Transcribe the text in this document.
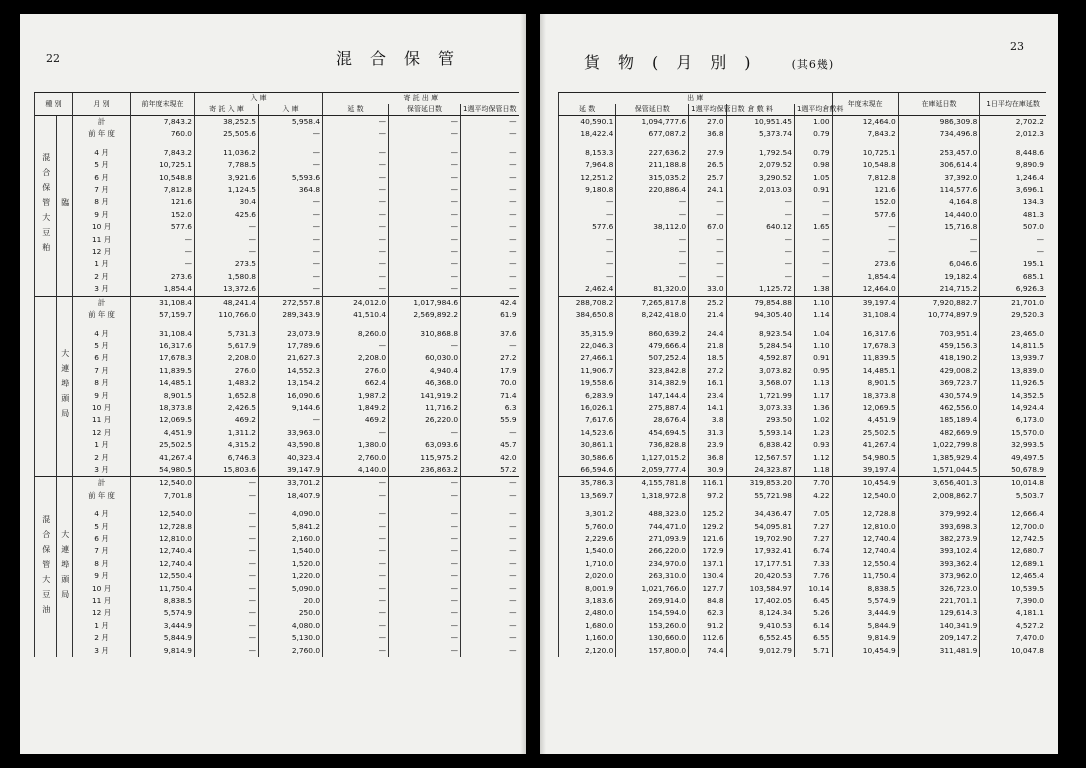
22	混合保管
種 別		月 別	前年度末現在	入 庫		寄 託 出 庫		
				寄 託 入 庫	入 庫	延 数	保管延日数	1週平均保管日数
混合保管大豆粕	臨	計	7,843.2	38,252.5	5,958.4	—	—	—
		前 年 度	760.0	25,505.6	—	—	—	—

		4 月	7,843.2	11,036.2	—	—	—	—
		5 月	10,725.1	7,788.5	—	—	—	—
		6 月	10,548.8	3,921.6	5,593.6	—	—	—
		7 月	7,812.8	1,124.5	364.8	—	—	—
		8 月	121.6	30.4	—	—	—	—
		9 月	152.0	425.6	—	—	—	—
		10 月	577.6	—	—	—	—	—
		11 月	—	—	—	—	—	—
		12 月	—	—	—	—	—	—
		1 月	—	273.5	—	—	—	—
		2 月	273.6	1,580.8	—	—	—	—
		3 月	1,854.4	13,372.6	—	—	—	—
	大連埠頭局	計	31,108.4	48,241.4	272,557.8	24,012.0	1,017,984.6	42.4
		前 年 度	57,159.7	110,766.0	289,343.9	41,510.4	2,569,892.2	61.9

		4 月	31,108.4	5,731.3	23,073.9	8,260.0	310,868.8	37.6
		5 月	16,317.6	5,617.9	17,789.6	—	—	—
		6 月	17,678.3	2,208.0	21,627.3	2,208.0	60,030.0	27.2
		7 月	11,839.5	276.0	14,552.3	276.0	4,940.4	17.9
		8 月	14,485.1	1,483.2	13,154.2	662.4	46,368.0	70.0
		9 月	8,901.5	1,652.8	16,090.6	1,987.2	141,919.2	71.4
		10 月	18,373.8	2,426.5	9,144.6	1,849.2	11,716.2	6.3
		11 月	12,069.5	469.2	—	469.2	26,220.0	55.9
		12 月	4,451.9	1,311.2	33,963.0	—	—	—
		1 月	25,502.5	4,315.2	43,590.8	1,380.0	63,093.6	45.7
		2 月	41,267.4	6,746.3	40,323.4	2,760.0	115,975.2	42.0
		3 月	54,980.5	15,803.6	39,147.9	4,140.0	236,863.2	57.2
混合保管大豆油	大連埠頭局	計	12,540.0	—	33,701.2	—	—	—
		前 年 度	7,701.8	—	18,407.9	—	—	—

		4 月	12,540.0	—	4,090.0	—	—	—
		5 月	12,728.8	—	5,841.2	—	—	—
		6 月	12,810.0	—	2,160.0	—	—	—
		7 月	12,740.4	—	1,540.0	—	—	—
		8 月	12,740.4	—	1,520.0	—	—	—
		9 月	12,550.4	—	1,220.0	—	—	—
		10 月	11,750.4	—	5,090.0	—	—	—
		11 月	8,838.5	—	20.0	—	—	—
		12 月	5,574.9	—	250.0	—	—	—
		1 月	3,444.9	—	4,080.0	—	—	—
		2 月	5,844.9	—	5,130.0	—	—	—
		3 月	9,814.9	—	2,760.0	—	—	—
23
貨物(月別) (其6幾)
出 庫					年度末現在	在庫延日数	1日平均在庫延数
延 数	保管延日数	1週平均保管日数	倉 敷 料	1週平均倉敷料			
40,590.1	1,094,777.6	27.0	10,951.45	1.00	12,464.0	986,309.8	2,702.2
18,422.4	677,087.2	36.8	5,373.74	0.79	7,843.2	734,496.8	2,012.3

8,153.3	227,636.2	27.9	1,792.54	0.79	10,725.1	253,457.0	8,448.6
7,964.8	211,188.8	26.5	2,079.52	0.98	10,548.8	306,614.4	9,890.9
12,251.2	315,035.2	25.7	3,290.52	1.05	7,812.8	37,392.0	1,246.4
9,180.8	220,886.4	24.1	2,013.03	0.91	121.6	114,577.6	3,696.1
—	—	—	—	—	152.0	4,164.8	134.3
—	—	—	—	—	577.6	14,440.0	481.3
577.6	38,112.0	67.0	640.12	1.65	—	15,716.8	507.0
—	—	—	—	—	—	—	—
—	—	—	—	—	—	—	—
—	—	—	—	—	273.6	6,046.6	195.1
—	—	—	—	—	1,854.4	19,182.4	685.1
2,462.4	81,320.0	33.0	1,125.72	1.38	12,464.0	214,715.2	6,926.3
288,708.2	7,265,817.8	25.2	79,854.88	1.10	39,197.4	7,920,882.7	21,701.0
384,650.8	8,242,418.0	21.4	94,305.40	1.14	31,108.4	10,774,897.9	29,520.3

35,315.9	860,639.2	24.4	8,923.54	1.04	16,317.6	703,951.4	23,465.0
22,046.3	479,666.4	21.8	5,284.54	1.10	17,678.3	459,156.3	14,811.5
27,466.1	507,252.4	18.5	4,592.87	0.91	11,839.5	418,190.2	13,939.7
11,906.7	323,842.8	27.2	3,073.82	0.95	14,485.1	429,008.2	13,839.0
19,558.6	314,382.9	16.1	3,568.07	1.13	8,901.5	369,723.7	11,926.5
6,283.9	147,144.4	23.4	1,721.99	1.17	18,373.8	430,574.9	14,352.5
16,026.1	275,887.4	14.1	3,073.33	1.36	12,069.5	462,556.0	14,924.4
7,617.6	28,676.4	3.8	293.50	1.02	4,451.9	185,189.4	6,173.0
14,523.6	454,694.5	31.3	5,593.14	1.23	25,502.5	482,669.9	15,570.0
30,861.1	736,828.8	23.9	6,838.42	0.93	41,267.4	1,022,799.8	32,993.5
30,586.6	1,127,015.2	36.8	12,567.57	1.12	54,980.5	1,385,929.4	49,497.5
66,594.6	2,059,777.4	30.9	24,323.87	1.18	39,197.4	1,571,044.5	50,678.9
35,786.3	4,155,781.8	116.1	319,853.20	7.70	10,454.9	3,656,401.3	10,014.8
13,569.7	1,318,972.8	97.2	55,721.98	4.22	12,540.0	2,008,862.7	5,503.7

3,301.2	488,323.0	125.2	34,436.47	7.05	12,728.8	379,992.4	12,666.4
5,760.0	744,471.0	129.2	54,095.81	7.27	12,810.0	393,698.3	12,700.0
2,229.6	271,093.9	121.6	19,702.90	7.27	12,740.4	382,273.9	12,742.5
1,540.0	266,220.0	172.9	17,932.41	6.74	12,740.4	393,102.4	12,680.7
1,710.0	234,970.0	137.1	17,177.51	7.33	12,550.4	393,362.4	12,689.1
2,020.0	263,310.0	130.4	20,420.53	7.76	11,750.4	373,962.0	12,465.4
8,001.9	1,021,766.0	127.7	103,584.97	10.14	8,838.5	326,723.0	10,539.5
3,183.6	269,914.0	84.8	17,402.05	6.45	5,574.9	221,701.1	7,390.0
2,480.0	154,594.0	62.3	8,124.34	5.26	3,444.9	129,614.3	4,181.1
1,680.0	153,260.0	91.2	9,410.53	6.14	5,844.9	140,341.9	4,527.2
1,160.0	130,660.0	112.6	6,552.45	6.55	9,814.9	209,147.2	7,470.0
2,120.0	157,800.0	74.4	9,012.79	5.71	10,454.9	311,481.9	10,047.8
